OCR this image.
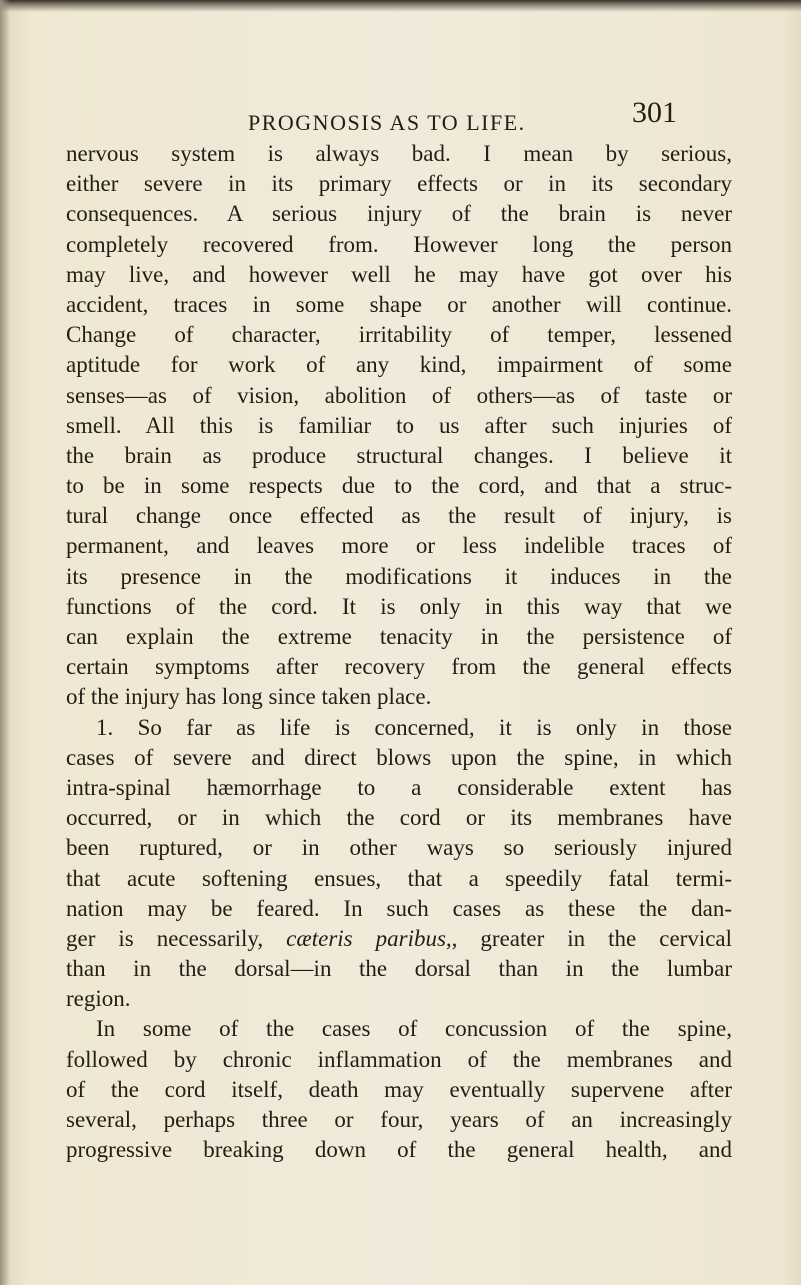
PROGNOSIS AS TO LIFE.	301
nervous system is always bad. I mean by serious,
either severe in its primary effects or in its secondary
consequences. A serious injury of the brain is never
completely recovered from. However long the person
may live, and however well he may have got over his
accident, traces in some shape or another will continue.
Change of character, irritability of temper, lessened
aptitude for work of any kind, impairment of some
senses—as of vision, abolition of others—as of taste or
smell. All this is familiar to us after such injuries of
the brain as produce structural changes. I believe it
to be in some respects due to the cord, and that a struc-
tural change once effected as the result of injury, is
permanent, and leaves more or less indelible traces of
its presence in the modifications it induces in the
functions of the cord. It is only in this way that we
can explain the extreme tenacity in the persistence of
certain symptoms after recovery from the general effects
of the injury has long since taken place.
1. So far as life is concerned, it is only in those
cases of severe and direct blows upon the spine, in which
intra-spinal hæmorrhage to a considerable extent has
occurred, or in which the cord or its membranes have
been ruptured, or in other ways so seriously injured
that acute softening ensues, that a speedily fatal termi-
nation may be feared. In such cases as these the dan-
ger is necessarily, cæteris paribus,, greater in the cervical
than in the dorsal—in the dorsal than in the lumbar
region.
In some of the cases of concussion of the spine,
followed by chronic inflammation of the membranes and
of the cord itself, death may eventually supervene after
several, perhaps three or four, years of an increasingly
progressive breaking down of the general health, and
